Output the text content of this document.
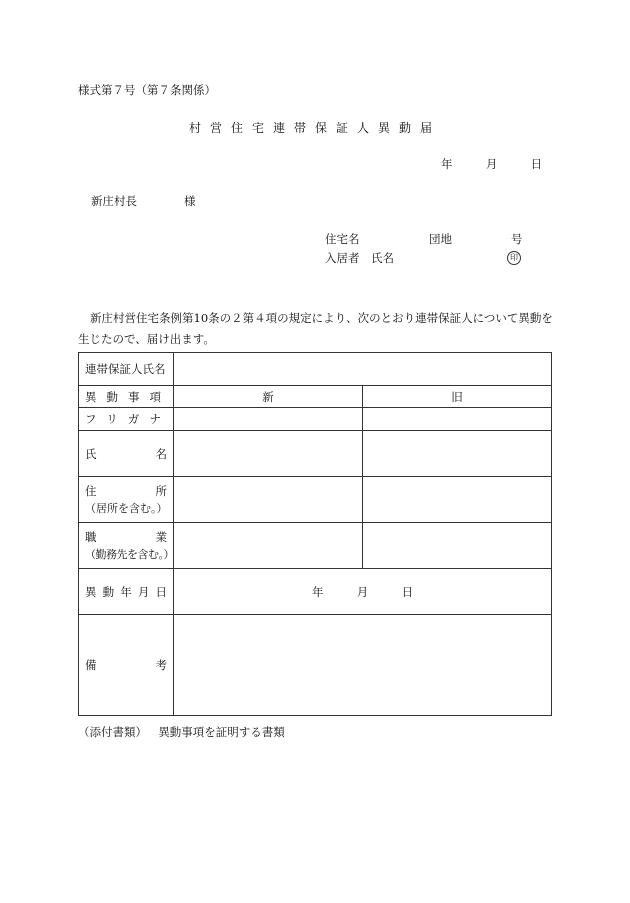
様式第７号（第７条関係）
村営住宅連帯保証人異動届
年	月	日
新庄村長	様
住宅名	団地	号
入居者 氏名	印
新庄村営住宅条例第10条の２第４項の規定により、次のとおり連帯保証人について異動を生じたので、届け出ます。
連帯保証人氏名		
異動事項	新	旧
フリガナ		
氏名		

住所
（居所を含む。）		

職業
（勤務先を含む。）		

異動年月日	年 月 日	
備考		
（添付書類） 異動事項を証明する書類
